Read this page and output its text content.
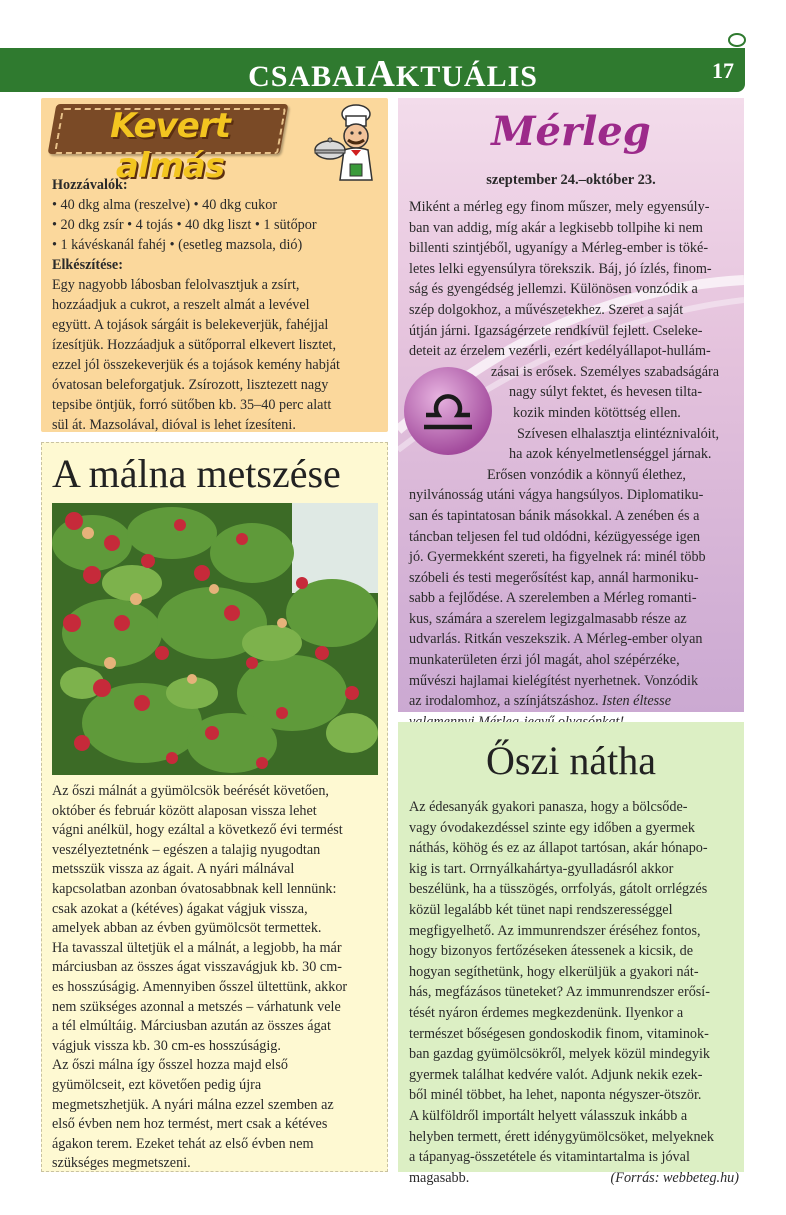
CSABAIAKTUÁLIS	17
Kevert almás
Hozzávalók:
• 40 dkg alma (reszelve) • 40 dkg cukor
• 20 dkg zsír • 4 tojás • 40 dkg liszt • 1 sütőpor
• 1 kávéskanál fahéj • (esetleg mazsola, dió)
Elkészítése:
Egy nagyobb lábosban felolvasztjuk a zsírt,
hozzáadjuk a cukrot, a reszelt almát a levével
együtt. A tojások sárgáit is belekeverjük, fahéjjal
ízesítjük. Hozzáadjuk a sütőporral elkevert lisztet,
ezzel jól összekeverjük és a tojások kemény habját
óvatosan beleforgatjuk. Zsírozott, lisztezett nagy
tepsibe öntjük, forró sütőben kb. 35–40 perc alatt
sül át. Mazsolával, dióval is lehet ízesíteni.
A málna metszése
Az őszi málnát a gyümölcsök beérését követően,
október és február között alaposan vissza lehet
vágni anélkül, hogy ezáltal a következő évi termést
veszélyeztetnénk – egészen a talajig nyugodtan
metsszük vissza az ágait. A nyári málnával
kapcsolatban azonban óvatosabbnak kell lennünk:
csak azokat a (kétéves) ágakat vágjuk vissza,
amelyek abban az évben gyümölcsöt termettek.
Ha tavasszal ültetjük el a málnát, a legjobb, ha már
márciusban az összes ágat visszavágjuk kb. 30 cm-
es hosszúságig. Amennyiben ősszel ültettünk, akkor
nem szükséges azonnal a metszés – várhatunk vele
a tél elmúltáig. Márciusban azután az összes ágat
vágjuk vissza kb. 30 cm-es hosszúságig.
Az őszi málna így ősszel hozza majd első
gyümölcseit, ezt követően pedig újra
megmetszhetjük. A nyári málna ezzel szemben az
első évben nem hoz termést, mert csak a kétéves
ágakon terem. Ezeket tehát az első évben nem
szükséges megmetszeni.
Mérleg
szeptember 24.–október 23.
Miként a mérleg egy finom műszer, mely egyensúly-
ban van addig, míg akár a legkisebb tollpihe ki nem
billenti szintjéből, ugyanígy a Mérleg-ember is töké-
letes lelki egyensúlyra törekszik. Báj, jó ízlés, finom-
ság és gyengédség jellemzi. Különösen vonzódik a
szép dolgokhoz, a művészetekhez. Szeret a saját
útján járni. Igazságérzete rendkívül fejlett. Cseleke-
deteit az érzelem vezérli, ezért kedélyállapot-hullám-
zásai is erősek. Személyes szabadságára
nagy súlyt fektet, és hevesen tilta-
kozik minden kötöttség ellen.
Szívesen elhalasztja elintéznivalóit,
ha azok kényelmetlenséggel járnak.
Erősen vonzódik a könnyű élethez,
nyilvánosság utáni vágya hangsúlyos. Diplomatiku-
san és tapintatosan bánik másokkal. A zenében és a
táncban teljesen fel tud oldódni, kézügyessége igen
jó. Gyermekként szereti, ha figyelnek rá: minél több
szóbeli és testi megerősítést kap, annál harmoniku-
sabb a fejlődése. A szerelemben a Mérleg romanti-
kus, számára a szerelem legizgalmasabb része az
udvarlás. Ritkán veszekszik. A Mérleg-ember olyan
munkaterületen érzi jól magát, ahol szépérzéke,
művészi hajlamai kielégítést nyerhetnek. Vonzódik
az irodalomhoz, a színjátszáshoz. Isten éltesse
Őszi nátha
Az édesanyák gyakori panasza, hogy a bölcsőde-
vagy óvodakezdéssel szinte egy időben a gyermek
náthás, köhög és ez az állapot tartósan, akár hónapo-
kig is tart. Orrnyálkahártya-gyulladásról akkor
beszélünk, ha a tüsszögés, orrfolyás, gátolt orrlégzés
közül legalább két tünet napi rendszerességgel
megfigyelhető. Az immunrendszer éréséhez fontos,
hogy bizonyos fertőzéseken átessenek a kicsik, de
hogyan segíthetünk, hogy elkerüljük a gyakori nát-
hás, megfázásos tüneteket? Az immunrendszer erősí-
tését nyáron érdemes megkezdenünk. Ilyenkor a
természet bőségesen gondoskodik finom, vitaminok-
ban gazdag gyümölcsökről, melyek közül mindegyik
gyermek találhat kedvére valót. Adjunk nekik ezek-
ből minél többet, ha lehet, naponta négyszer-ötször.
A külföldről importált helyett válasszuk inkább a
helyben termett, érett idénygyümölcsöket, melyeknek
a tápanyag-összetétele és vitamintartalma is jóval
magasabb.	(Forrás: webbeteg.hu)
